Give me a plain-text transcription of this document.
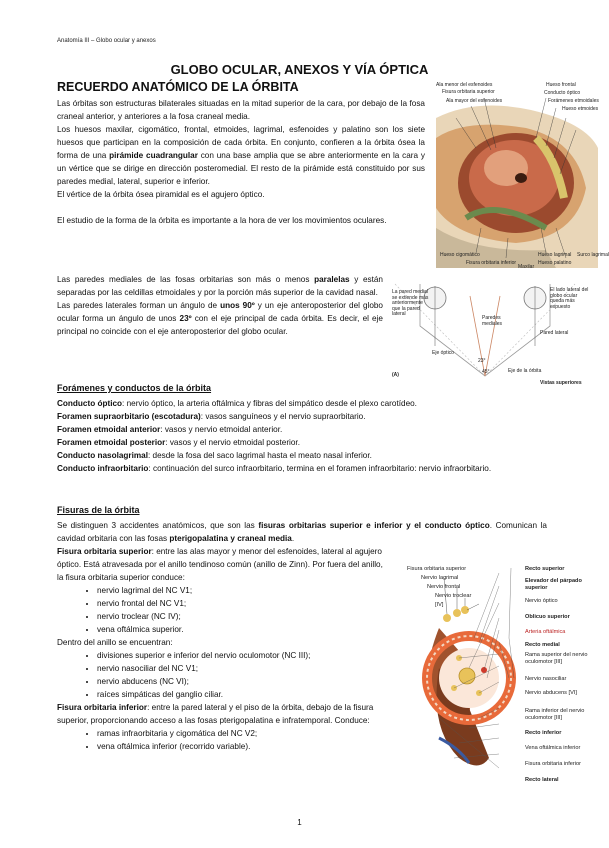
Anatomía III – Globo ocular y anexos
GLOBO OCULAR, ANEXOS Y VÍA ÓPTICA
RECUERDO ANATÓMICO DE LA ÓRBITA
Las órbitas son estructuras bilaterales situadas en la mitad superior de la cara, por debajo de la fosa craneal anterior, y anteriores a la fosa craneal media.
Los huesos maxilar, cigomático, frontal, etmoides, lagrimal, esfenoides y palatino son los siete huesos que participan en la composición de cada órbita. En conjunto, confieren a la órbita ósea la forma de una pirámide cuadrangular con una base amplia que se abre anteriormente en la cara y un vértice que se dirige en dirección posteromedial. El resto de la pirámide está constituido por sus paredes medial, lateral, superior e inferior.
El vértice de la órbita ósea piramidal es el agujero óptico.
El estudio de la forma de la órbita es importante a la hora de ver los movimientos oculares.
Las paredes mediales de las fosas orbitarias son más o menos paralelas y están separadas por las celdillas etmoidales y por la porción más superior de la cavidad nasal.
Las paredes laterales forman un ángulo de unos 90º y un eje anteroposterior del globo ocular forma un ángulo de unos 23º con el eje principal de cada órbita. Es decir, el eje principal no coincide con el eje anteroposterior del globo ocular.
Forámenes y conductos de la órbita
Conducto óptico: nervio óptico, la arteria oftálmica y fibras del simpático desde el plexo carotídeo.
Foramen supraorbitario (escotadura): vasos sanguíneos y el nervio supraorbitario.
Foramen etmoidal anterior: vasos y nervio etmoidal anterior.
Foramen etmoidal posterior: vasos y el nervio etmoidal posterior.
Conducto nasolagrimal: desde la fosa del saco lagrimal hasta el meato nasal inferior.
Conducto infraorbitario: continuación del surco infraorbitario, termina en el foramen infraorbitario: nervio infraorbitario.
Fisuras de la órbita
Se distinguen 3 accidentes anatómicos, que son las fisuras orbitarias superior e inferior y el conducto óptico. Comunican la cavidad orbitaria con las fosas pterigopalatina y craneal media.
Fisura orbitaria superior: entre las alas mayor y menor del esfenoides, lateral al agujero óptico. Está atravesada por el anillo tendinoso común (anillo de Zinn). Por fuera del anillo, la fisura orbitaria superior conduce:
• nervio lagrimal del NC V1;
• nervio frontal del NC V1;
• nervio troclear (NC IV);
• vena oftálmica superior.
Dentro del anillo se encuentran:
• divisiones superior e inferior del nervio oculomotor (NC III);
• nervio nasociliar del NC V1;
• nervio abducens (NC VI);
• raíces simpáticas del ganglio ciliar.
Fisura orbitaria inferior: entre la pared lateral y el piso de la órbita, debajo de la fisura superior, proporcionando acceso a las fosas pterigopalatina e infratemporal. Conduce:
• ramas infraorbitaria y cigomática del NC V2;
• vena oftálmica inferior (recorrido variable).
Ala menor del esfenoides
Fisura orbitaria superior
Ala mayor del esfenoides
Hueso cigomático
Fisura orbitaria inferior
Hueso frontal
Conducto óptico
Forámenes etmoidales
Hueso etmoides
Hueso lagrimal
Hueso palatino
Surco lagrimal
Maxilar
La pared medial se extiende más anteriormente que la pared lateral
Paredes mediales
El lado lateral del globo ocular queda más expuesto
Pared lateral
Eje óptico
Eje de la órbita
(A)
Vistas superiores
23°
45°
Fisura orbitaria superior
Nervio lagrimal
Nervio frontal
Nervio troclear
[IV]
Recto superior
Elevador del párpado superior
Nervio óptico
Oblicuo superior
Arteria oftálmica
Recto medial
Rama superior del nervio oculomotor [III]
Nervio nasociliar
Nervio abducens [VI]
Rama inferior del nervio oculomotor [III]
Recto inferior
Vena oftálmica inferior
Fisura orbitaria inferior
Recto lateral
1
